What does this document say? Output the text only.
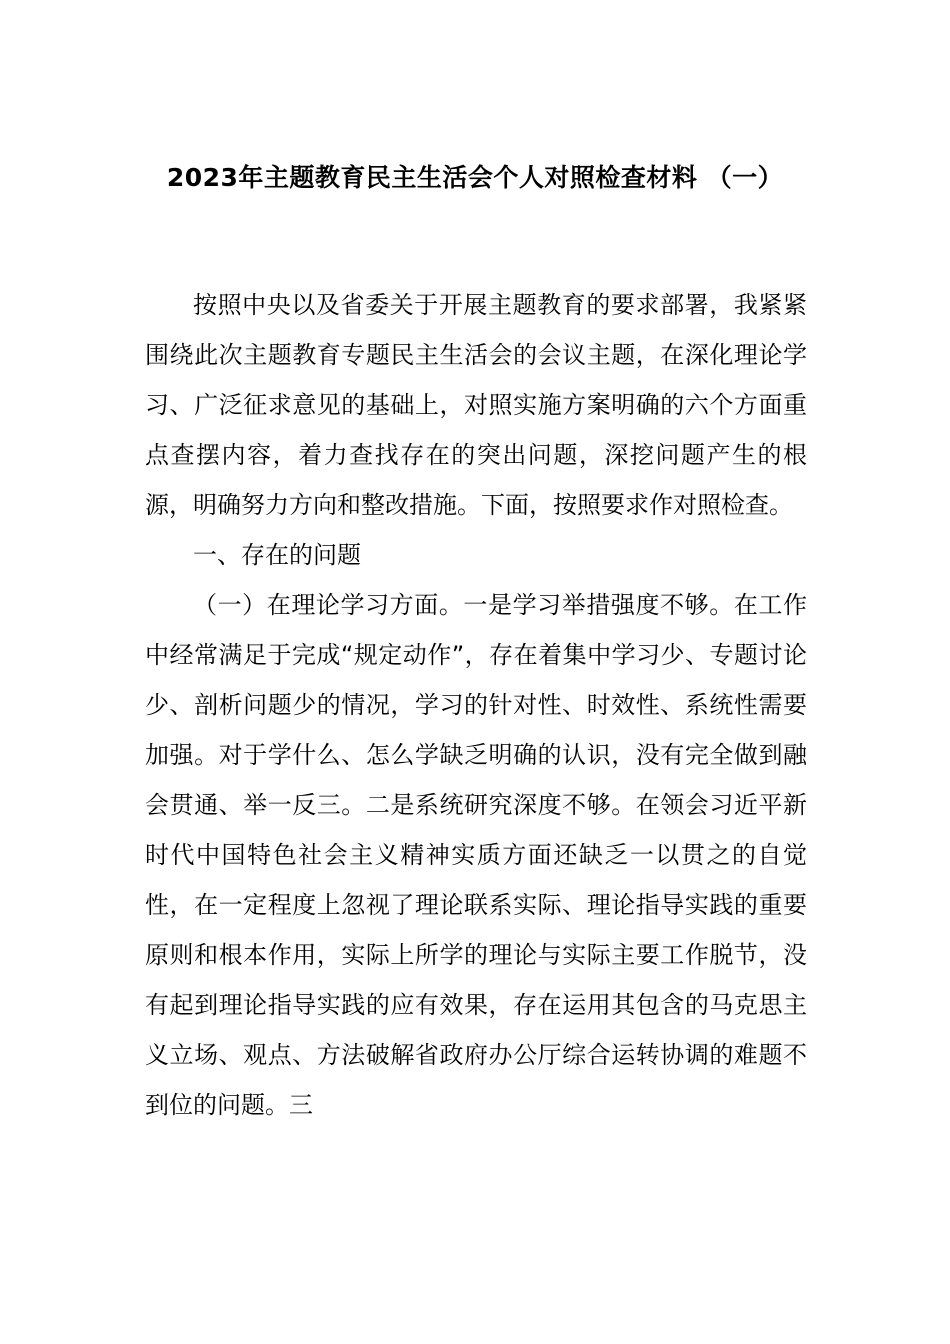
2023年主题教育民主生活会个人对照检查材料 （一）

按照中央以及省委关于开展主题教育的要求部署，我紧紧围绕此次主题教育专题民主生活会的会议主题，在深化理论学习、广泛征求意见的基础上，对照实施方案明确的六个方面重点查摆内容，着力查找存在的突出问题，深挖问题产生的根源，明确努力方向和整改措施。下面，按照要求作对照检查。

一、存在的问题

（一）在理论学习方面。一是学习举措强度不够。在工作中经常满足于完成“规定动作”，存在着集中学习少、专题讨论少、剖析问题少的情况，学习的针对性、时效性、系统性需要加强。对于学什么、怎么学缺乏明确的认识，没有完全做到融会贯通、举一反三。二是系统研究深度不够。在领会习近平新时代中国特色社会主义精神实质方面还缺乏一以贯之的自觉性，在一定程度上忽视了理论联系实际、理论指导实践的重要原则和根本作用，实际上所学的理论与实际主要工作脱节，没有起到理论指导实践的应有效果，存在运用其包含的马克思主义立场、观点、方法破解省政府办公厅综合运转协调的难题不到位的问题。三
